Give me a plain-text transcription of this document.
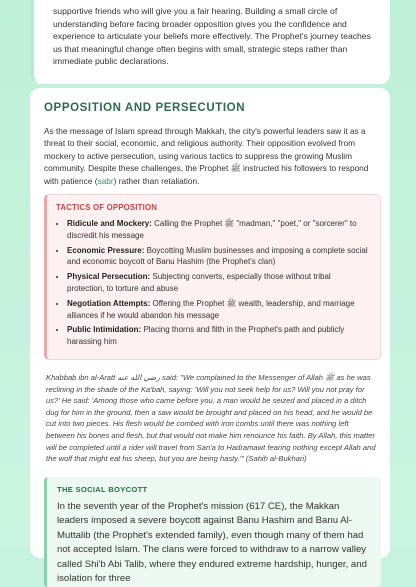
supportive friends who will give you a fair hearing. Building a small circle of understanding before facing broader opposition gives you the confidence and experience to articulate your beliefs more effectively. The Prophet's journey teaches us that meaningful change often begins with small, strategic steps rather than immediate public declarations.

OPPOSITION AND PERSECUTION

As the message of Islam spread through Makkah, the city's powerful leaders saw it as a threat to their social, economic, and religious authority. Their opposition evolved from mockery to active persecution, using various tactics to suppress the growing Muslim community. Despite these challenges, the Prophet ﷺ instructed his followers to respond with patience (sabr) rather than retaliation.

TACTICS OF OPPOSITION
• Ridicule and Mockery: Calling the Prophet ﷺ "madman," "poet," or "sorcerer" to discredit his message
• Economic Pressure: Boycotting Muslim businesses and imposing a complete social and economic boycott of Banu Hashim (the Prophet's clan)
• Physical Persecution: Subjecting converts, especially those without tribal protection, to torture and abuse
• Negotiation Attempts: Offering the Prophet ﷺ wealth, leadership, and marriage alliances if he would abandon his message
• Public Intimidation: Placing thorns and filth in the Prophet's path and publicly harassing him

Khabbab ibn al-Aratt رضي الله عنه said: "We complained to the Messenger of Allah ﷺ as he was reclining in the shade of the Ka'bah, saying: 'Will you not seek help for us? Will you not pray for us?' He said: 'Among those who came before you, a man would be seized and placed in a ditch dug for him in the ground, then a saw would be brought and placed on his head, and he would be cut into two pieces. His flesh would be combed with iron combs until there was nothing left between his bones and flesh, but that would not make him renounce his faith. By Allah, this matter will be completed until a rider will travel from San'a to Hadramawt fearing nothing except Allah and the wolf that might eat his sheep, but you are being hasty.'" (Sahih al-Bukhari)

THE SOCIAL BOYCOTT

In the seventh year of the Prophet's mission (617 CE), the Makkan leaders imposed a severe boycott against Banu Hashim and Banu Al-Muttalib (the Prophet's extended family), even though many of them had not accepted Islam. The clans were forced to withdraw to a narrow valley called Shi'b Abi Talib, where they endured extreme hardship, hunger, and isolation for three
